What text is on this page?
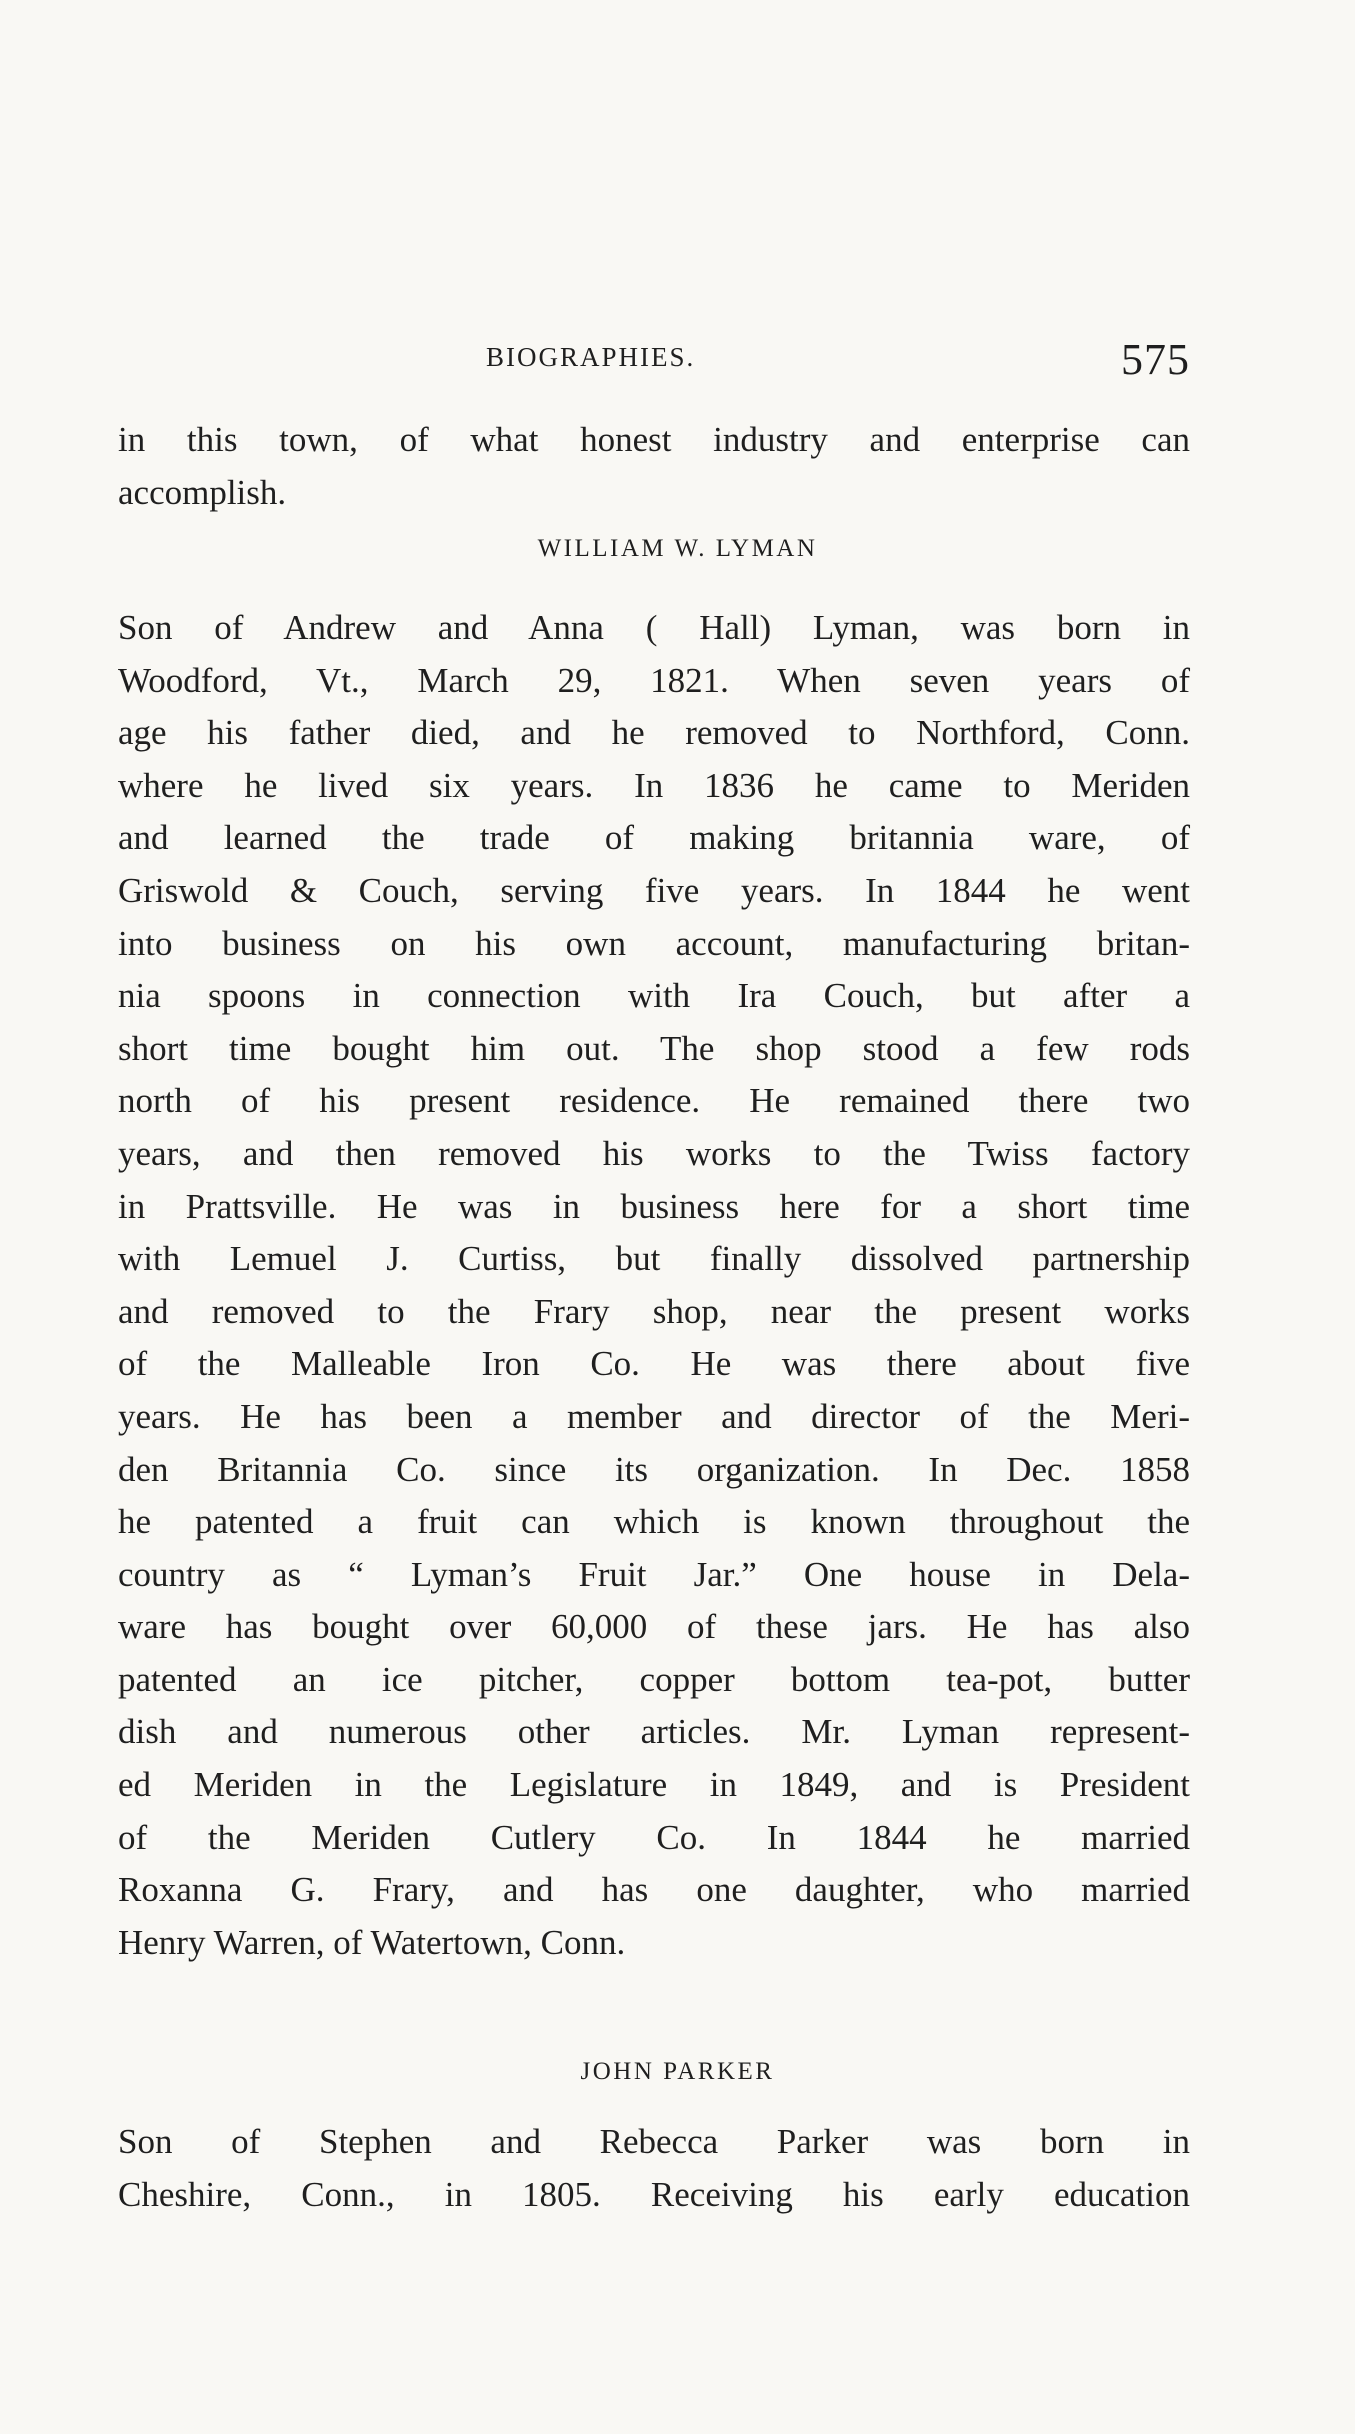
BIOGRAPHIES.	575
in this town, of what honest industry and enterprise can
accomplish.
WILLIAM W. LYMAN
Son of Andrew and Anna ( Hall) Lyman, was born in
Woodford, Vt., March 29, 1821. When seven years of
age his father died, and he removed to Northford, Conn.
where he lived six years. In 1836 he came to Meriden
and learned the trade of making britannia ware, of
Griswold & Couch, serving five years. In 1844 he went
into business on his own account, manufacturing britan-
nia spoons in connection with Ira Couch, but after a
short time bought him out. The shop stood a few rods
north of his present residence. He remained there two
years, and then removed his works to the Twiss factory
in Prattsville. He was in business here for a short time
with Lemuel J. Curtiss, but finally dissolved partnership
and removed to the Frary shop, near the present works
of the Malleable Iron Co. He was there about five
years. He has been a member and director of the Meri-
den Britannia Co. since its organization. In Dec. 1858
he patented a fruit can which is known throughout the
country as “ Lyman’s Fruit Jar.” One house in Dela-
ware has bought over 60,000 of these jars. He has also
patented an ice pitcher, copper bottom tea-pot, butter
dish and numerous other articles. Mr. Lyman represent-
ed Meriden in the Legislature in 1849, and is President
of the Meriden Cutlery Co. In 1844 he married
Roxanna G. Frary, and has one daughter, who married
Henry Warren, of Watertown, Conn.
JOHN PARKER
Son of Stephen and Rebecca Parker was born in
Cheshire, Conn., in 1805. Receiving his early education
